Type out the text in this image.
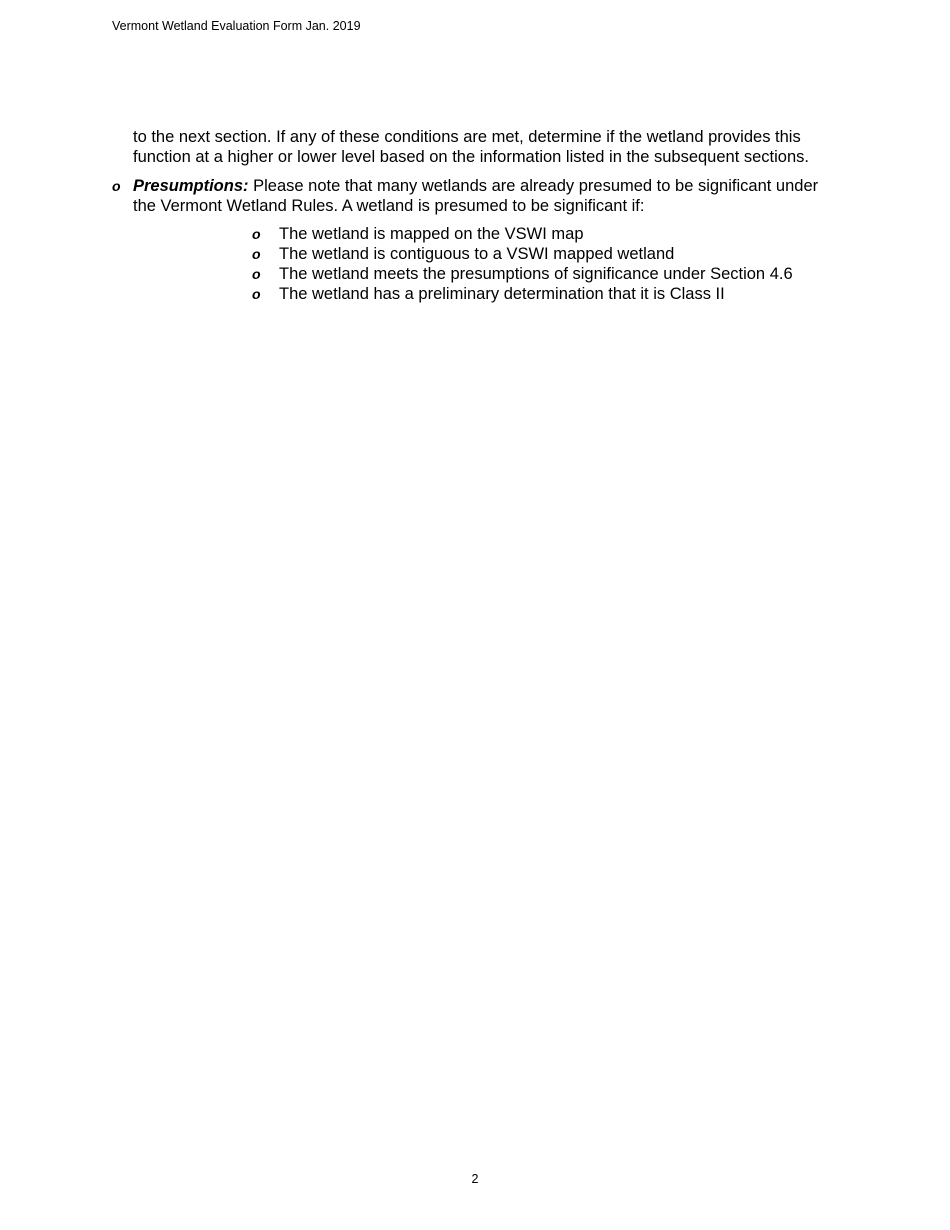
Vermont Wetland Evaluation Form Jan. 2019
to the next section. If any of these conditions are met, determine if the wetland provides this function at a higher or lower level based on the information listed in the subsequent sections.
o Presumptions: Please note that many wetlands are already presumed to be significant under the Vermont Wetland Rules. A wetland is presumed to be significant if:
o The wetland is mapped on the VSWI map
o The wetland is contiguous to a VSWI mapped wetland
o The wetland meets the presumptions of significance under Section 4.6
o The wetland has a preliminary determination that it is Class II
2
